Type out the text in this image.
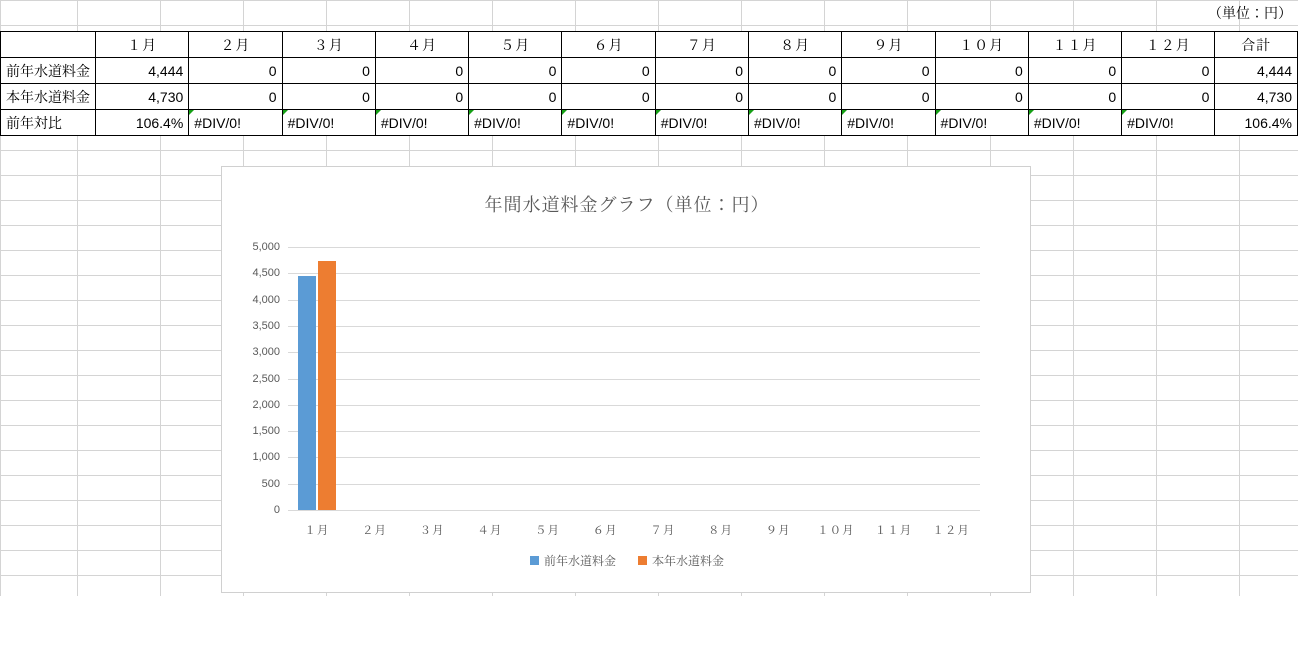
（単位：円）
	１月	２月	３月	４月	５月	６月	７月	８月	９月	１０月	１１月	１２月	合計
前年水道料金	4,444	0	0	0	0	0	0	0	0	0	0	0	4,444
本年水道料金	4,730	0	0	0	0	0	0	0	0	0	0	0	4,730
前年対比	106.4%	#DIV/0!	#DIV/0!	#DIV/0!	#DIV/0!	#DIV/0!	#DIV/0!	#DIV/0!	#DIV/0!	#DIV/0!	#DIV/0!	#DIV/0!	106.4%
年間水道料金グラフ（単位：円）
0
500
1,000
1,500
2,000
2,500
3,000
3,500
4,000
4,500
5,000
１月	２月	３月	４月	５月	６月	７月	８月	９月	１０月	１１月	１２月
前年水道料金	本年水道料金
